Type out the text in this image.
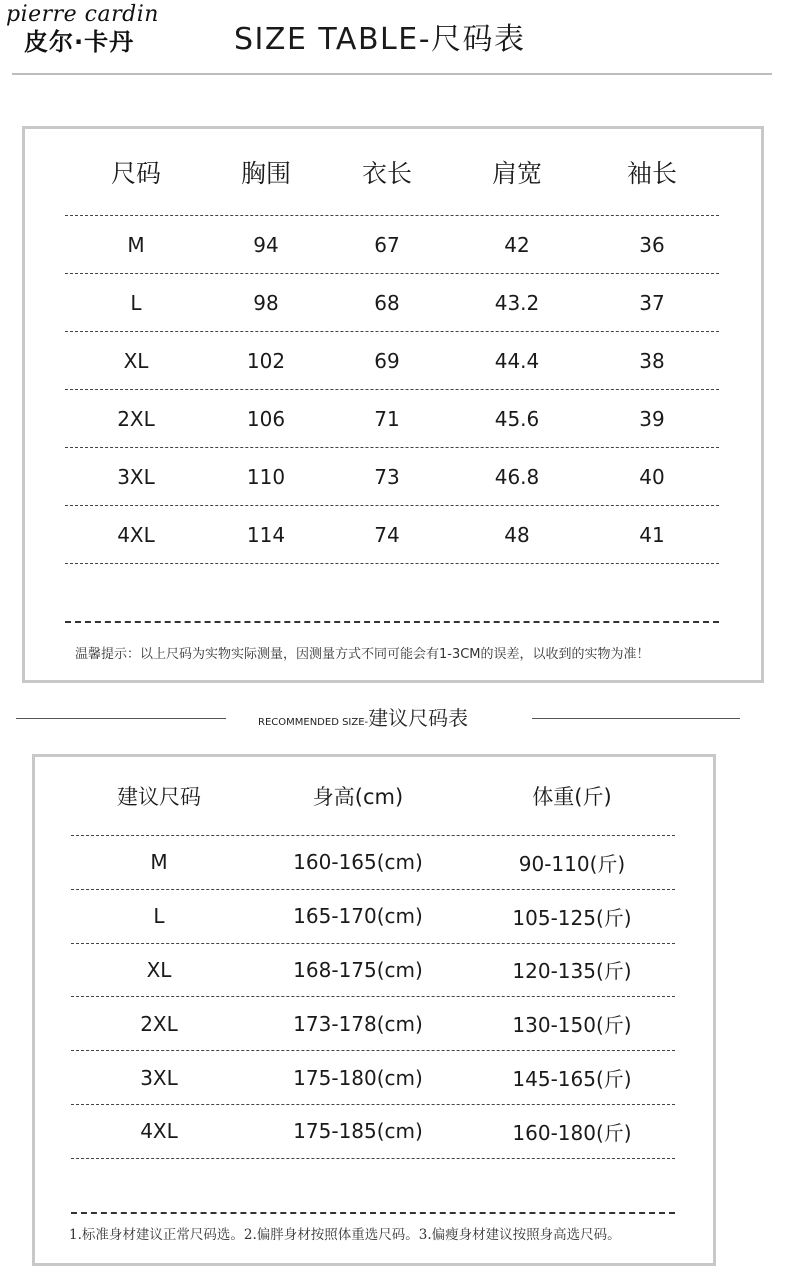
pierre cardin
皮尔·卡丹	SIZE TABLE-尺码表
尺码	胸围	衣长	肩宽	袖长
M	94	67	42	36
L	98	68	43.2	37
XL	102	69	44.4	38
2XL	106	71	45.6	39
3XL	110	73	46.8	40
4XL	114	74	48	41
温馨提示：以上尺码为实物实际测量，因测量方式不同可能会有1-3CM的误差，以收到的实物为准！
RECOMMENDED SIZE-建议尺码表
建议尺码	身高(cm)	体重(斤)
M	160-165(cm)	90-110(斤)
L	165-170(cm)	105-125(斤)
XL	168-175(cm)	120-135(斤)
2XL	173-178(cm)	130-150(斤)
3XL	175-180(cm)	145-165(斤)
4XL	175-185(cm)	160-180(斤)
1.标准身材建议正常尺码选。2.偏胖身材按照体重选尺码。3.偏瘦身材建议按照身高选尺码。
